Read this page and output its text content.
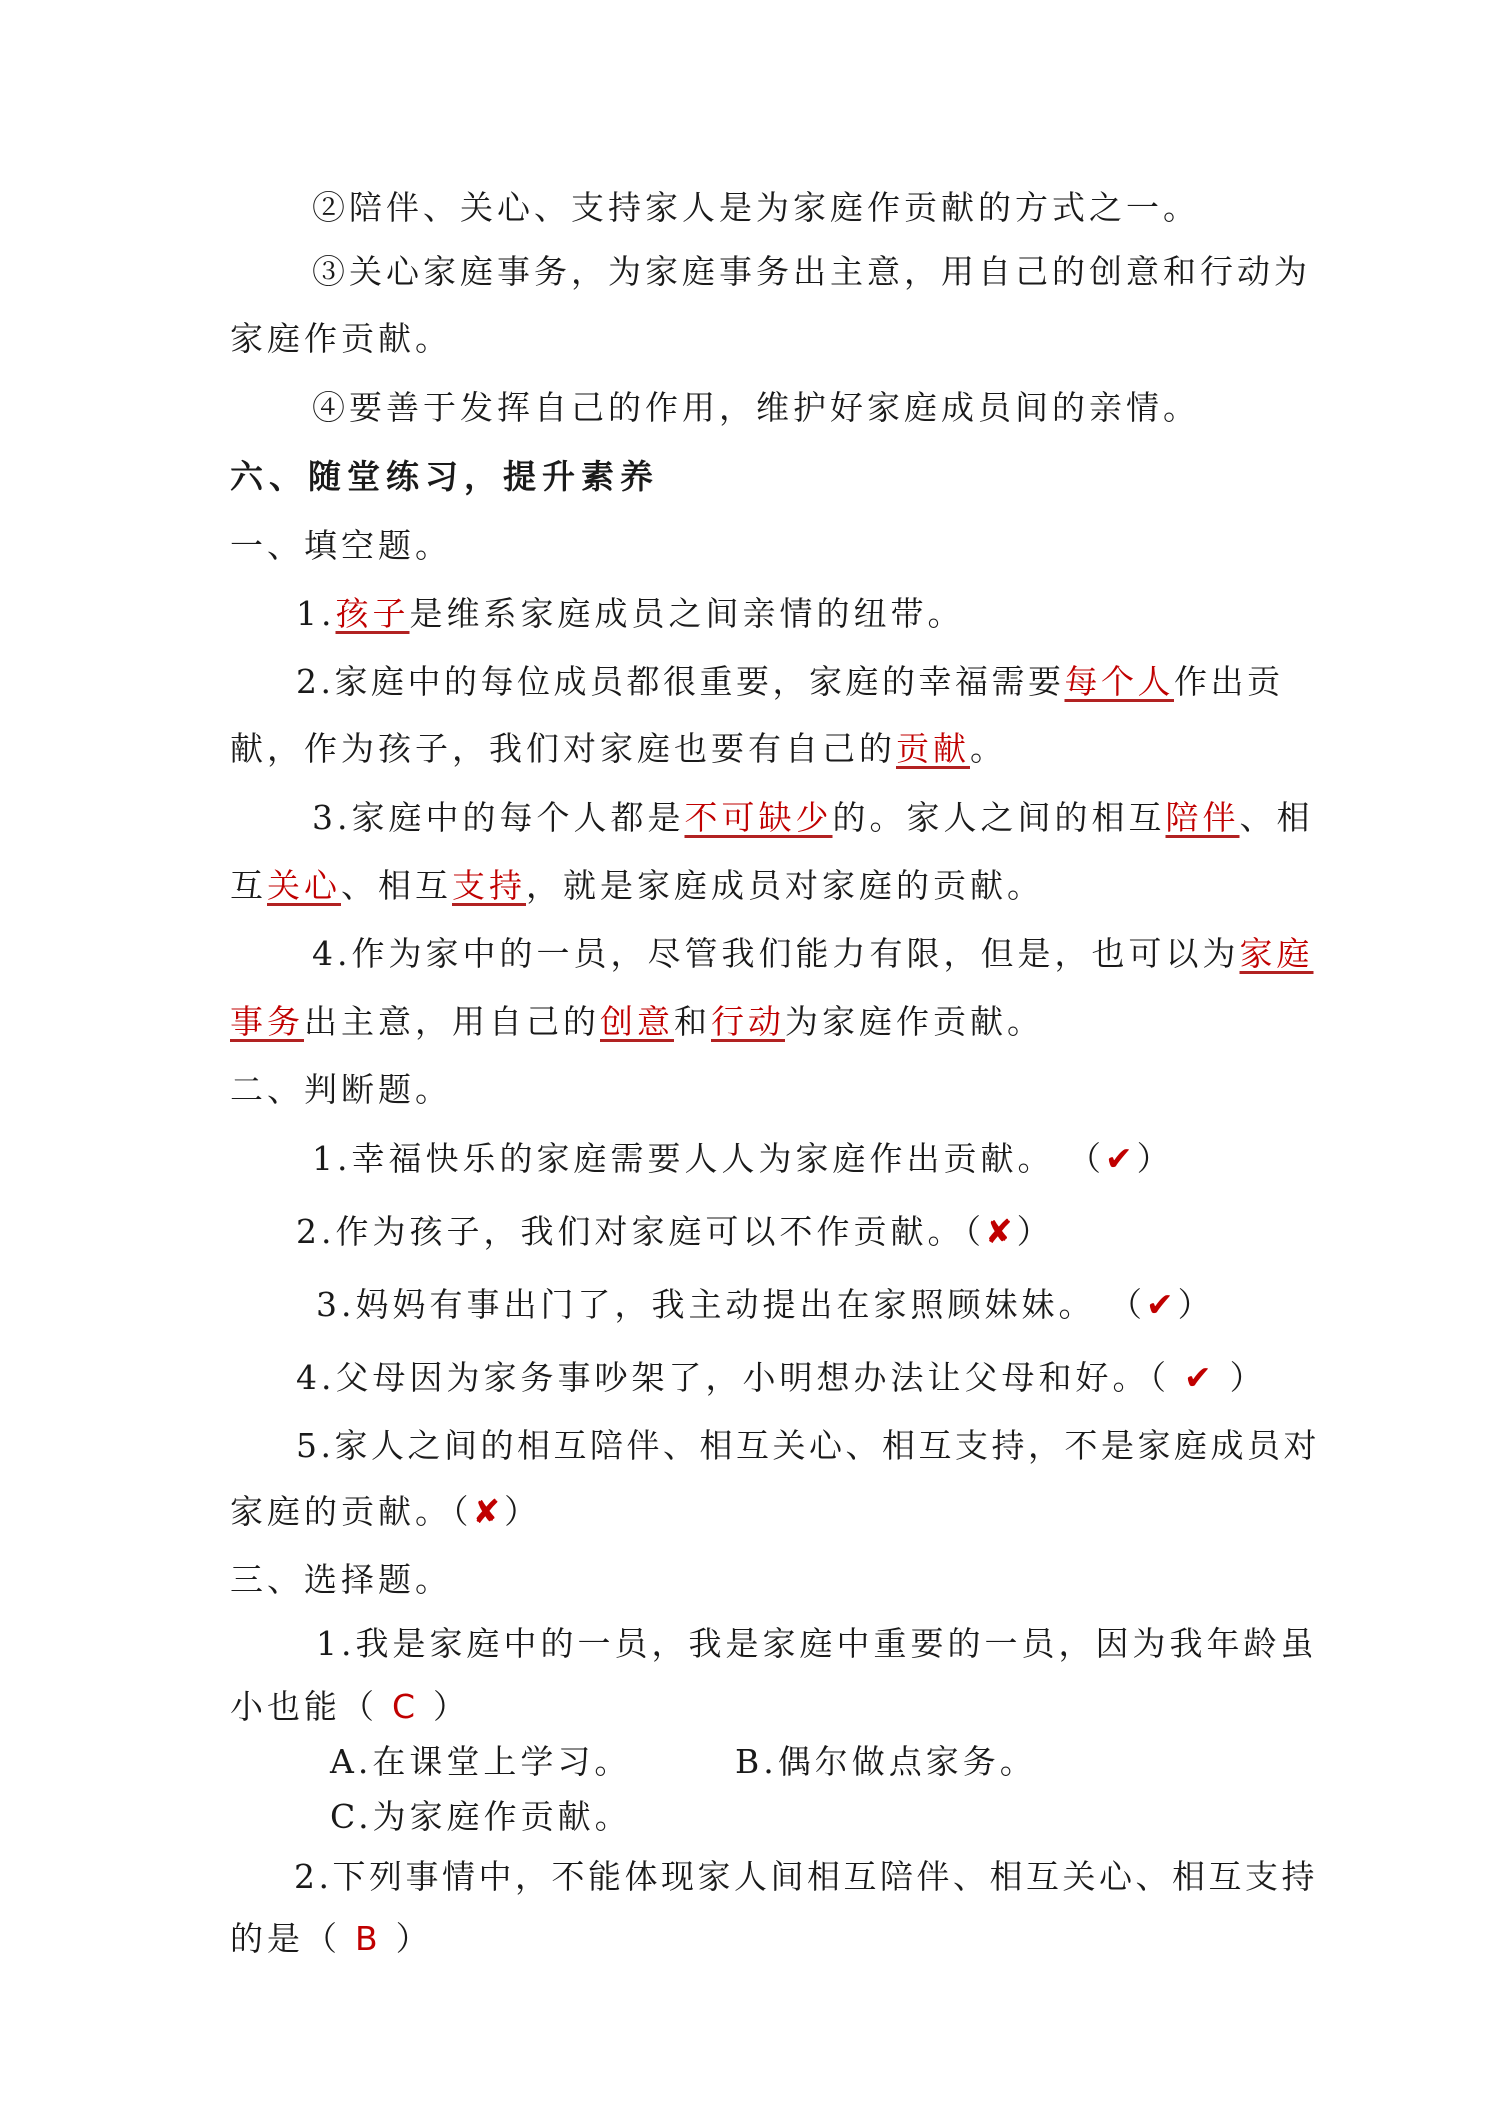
②陪伴、关心、支持家人是为家庭作贡献的方式之一。
③关心家庭事务，为家庭事务出主意，用自己的创意和行动为
家庭作贡献。
④要善于发挥自己的作用，维护好家庭成员间的亲情。
六、随堂练习，提升素养
一、填空题。
1.孩子是维系家庭成员之间亲情的纽带。
2.家庭中的每位成员都很重要，家庭的幸福需要每个人作出贡
献，作为孩子，我们对家庭也要有自己的贡献。
3.家庭中的每个人都是不可缺少的。家人之间的相互陪伴、相
互关心、相互支持，就是家庭成员对家庭的贡献。
4.作为家中的一员，尽管我们能力有限，但是，也可以为家庭
事务出主意，用自己的创意和行动为家庭作贡献。
二、判断题。
1.幸福快乐的家庭需要人人为家庭作出贡献。 （✔）
2.作为孩子，我们对家庭可以不作贡献。（✘）
3.妈妈有事出门了，我主动提出在家照顾妹妹。 （✔）
4.父母因为家务事吵架了，小明想办法让父母和好。（ ✔ ）
5.家人之间的相互陪伴、相互关心、相互支持，不是家庭成员对
家庭的贡献。（✘）
三、选择题。
1.我是家庭中的一员，我是家庭中重要的一员，因为我年龄虽
小也能（ C ）
A.在课堂上学习。	B.偶尔做点家务。
C.为家庭作贡献。
2.下列事情中，不能体现家人间相互陪伴、相互关心、相互支持
的是（ B ）
